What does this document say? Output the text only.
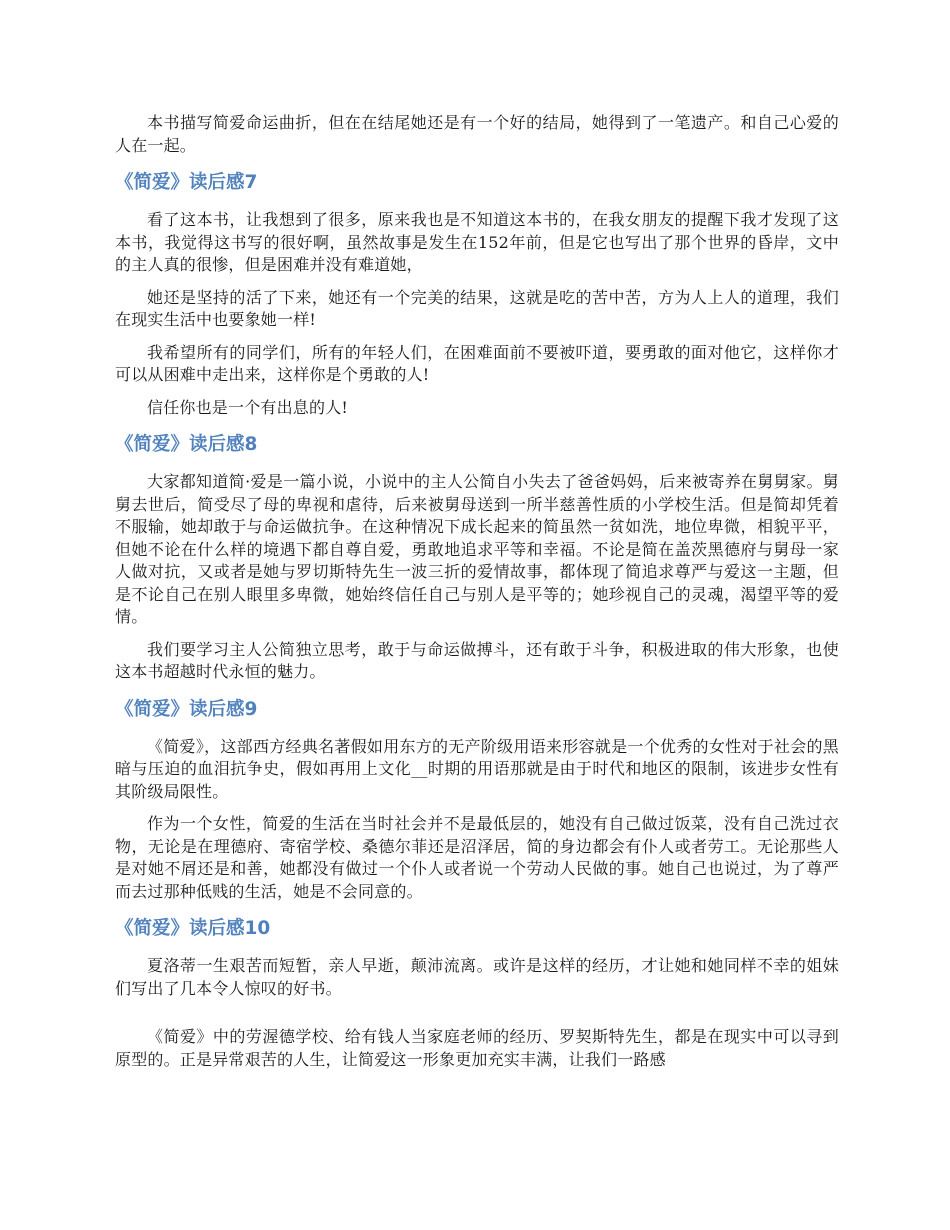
本书描写简爱命运曲折，但在在结尾她还是有一个好的结局，她得到了一笔遗产。和自己心爱的人在一起。

《简爱》读后感7

看了这本书，让我想到了很多，原来我也是不知道这本书的，在我女朋友的提醒下我才发现了这本书，我觉得这书写的很好啊，虽然故事是发生在152年前，但是它也写出了那个世界的昏岸，文中的主人真的很惨，但是困难并没有难道她，

她还是坚持的活了下来，她还有一个完美的结果，这就是吃的苦中苦，方为人上人的道理，我们在现实生活中也要象她一样!

我希望所有的同学们，所有的年轻人们，在困难面前不要被吓道，要勇敢的面对他它，这样你才可以从困难中走出来，这样你是个勇敢的人!

信任你也是一个有出息的人!

《简爱》读后感8

大家都知道简·爱是一篇小说，小说中的主人公简自小失去了爸爸妈妈，后来被寄养在舅舅家。舅舅去世后，简受尽了母的卑视和虐待，后来被舅母送到一所半慈善性质的小学校生活。但是简却凭着不服输，她却敢于与命运做抗争。在这种情况下成长起来的简虽然一贫如洗，地位卑微，相貌平平，但她不论在什么样的境遇下都自尊自爱，勇敢地追求平等和幸福。不论是简在盖茨黑德府与舅母一家人做对抗，又或者是她与罗切斯特先生一波三折的爱情故事，都体现了简追求尊严与爱这一主题，但是不论自己在别人眼里多卑微，她始终信任自己与别人是平等的；她珍视自己的灵魂，渴望平等的爱情。

我们要学习主人公简独立思考，敢于与命运做搏斗，还有敢于斗争，积极进取的伟大形象，也使这本书超越时代永恒的魅力。

《简爱》读后感9

《简爱》，这部西方经典名著假如用东方的无产阶级用语来形容就是一个优秀的女性对于社会的黑暗与压迫的血泪抗争史，假如再用上文化__时期的用语那就是由于时代和地区的限制，该进步女性有其阶级局限性。

作为一个女性，简爱的生活在当时社会并不是最低层的，她没有自己做过饭菜，没有自己洗过衣物，无论是在理德府、寄宿学校、桑德尔菲还是沼泽居，简的身边都会有仆人或者劳工。无论那些人是对她不屑还是和善，她都没有做过一个仆人或者说一个劳动人民做的事。她自己也说过，为了尊严而去过那种低贱的生活，她是不会同意的。

《简爱》读后感10

夏洛蒂一生艰苦而短暂，亲人早逝，颠沛流离。或许是这样的经历，才让她和她同样不幸的姐妹们写出了几本令人惊叹的好书。

《简爱》中的劳渥德学校、给有钱人当家庭老师的经历、罗契斯特先生，都是在现实中可以寻到原型的。正是异常艰苦的人生，让简爱这一形象更加充实丰满，让我们一路感
